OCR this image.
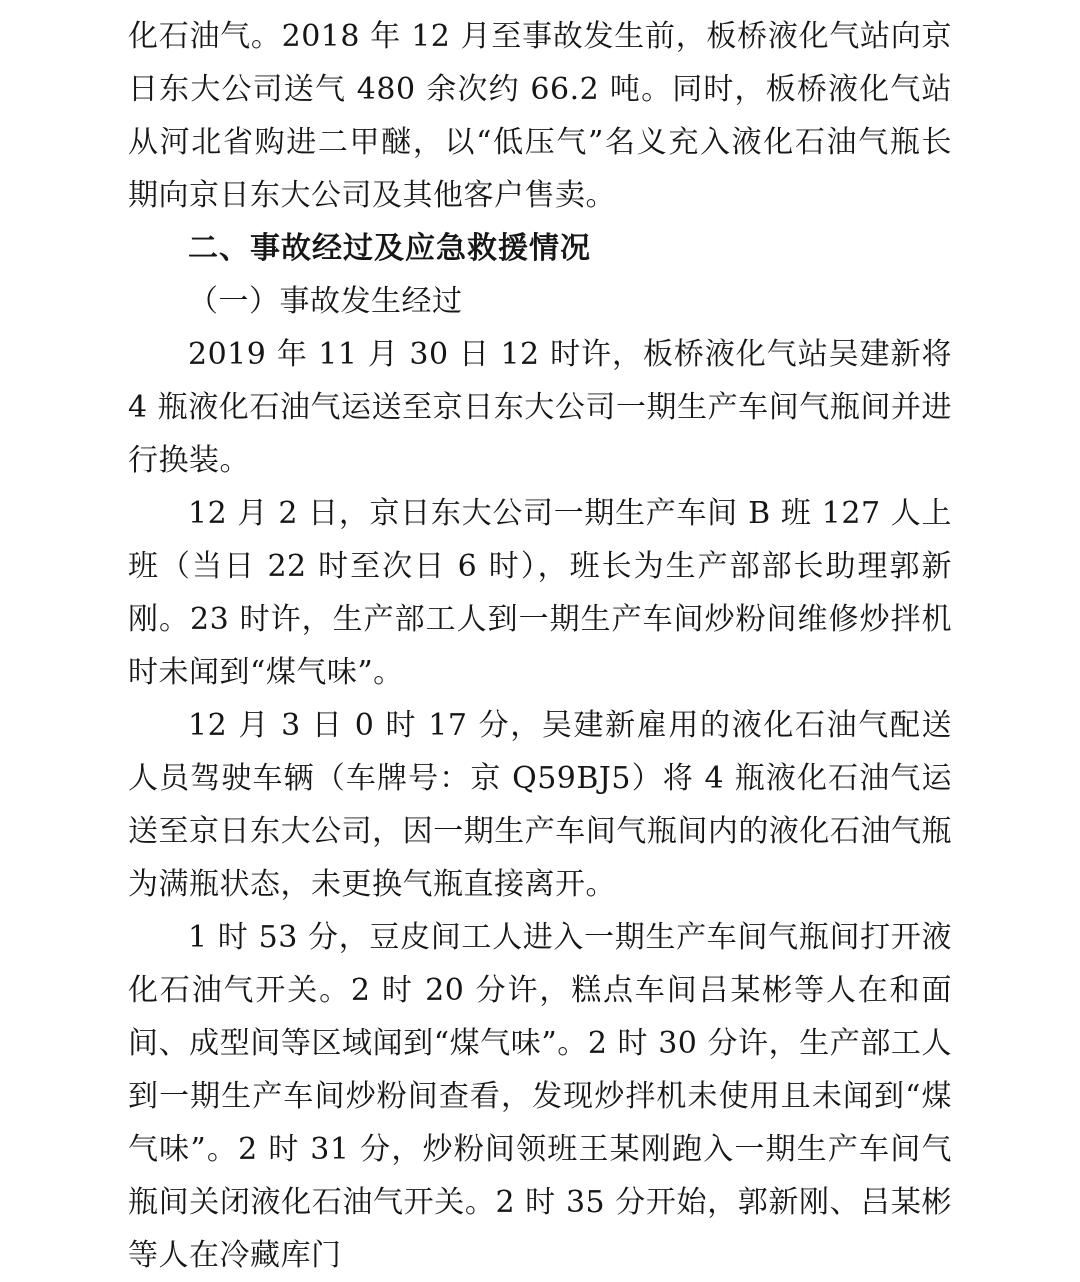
化石油气。2018 年 12 月至事故发生前，板桥液化气站向京日东大公司送气 480 余次约 66.2 吨。同时，板桥液化气站从河北省购进二甲醚，以“低压气”名义充入液化石油气瓶长期向京日东大公司及其他客户售卖。

二、事故经过及应急救援情况

（一）事故发生经过

2019 年 11 月 30 日 12 时许，板桥液化气站吴建新将 4 瓶液化石油气运送至京日东大公司一期生产车间气瓶间并进行换装。

12 月 2 日，京日东大公司一期生产车间 B 班 127 人上班（当日 22 时至次日 6 时），班长为生产部部长助理郭新刚。23 时许，生产部工人到一期生产车间炒粉间维修炒拌机时未闻到“煤气味”。

12 月 3 日 0 时 17 分，吴建新雇用的液化石油气配送人员驾驶车辆（车牌号：京 Q59BJ5）将 4 瓶液化石油气运送至京日东大公司，因一期生产车间气瓶间内的液化石油气瓶为满瓶状态，未更换气瓶直接离开。

1 时 53 分，豆皮间工人进入一期生产车间气瓶间打开液化石油气开关。2 时 20 分许，糕点车间吕某彬等人在和面间、成型间等区域闻到“煤气味”。2 时 30 分许，生产部工人到一期生产车间炒粉间查看，发现炒拌机未使用且未闻到“煤气味”。2 时 31 分，炒粉间领班王某刚跑入一期生产车间气瓶间关闭液化石油气开关。2 时 35 分开始，郭新刚、吕某彬等人在冷藏库门
